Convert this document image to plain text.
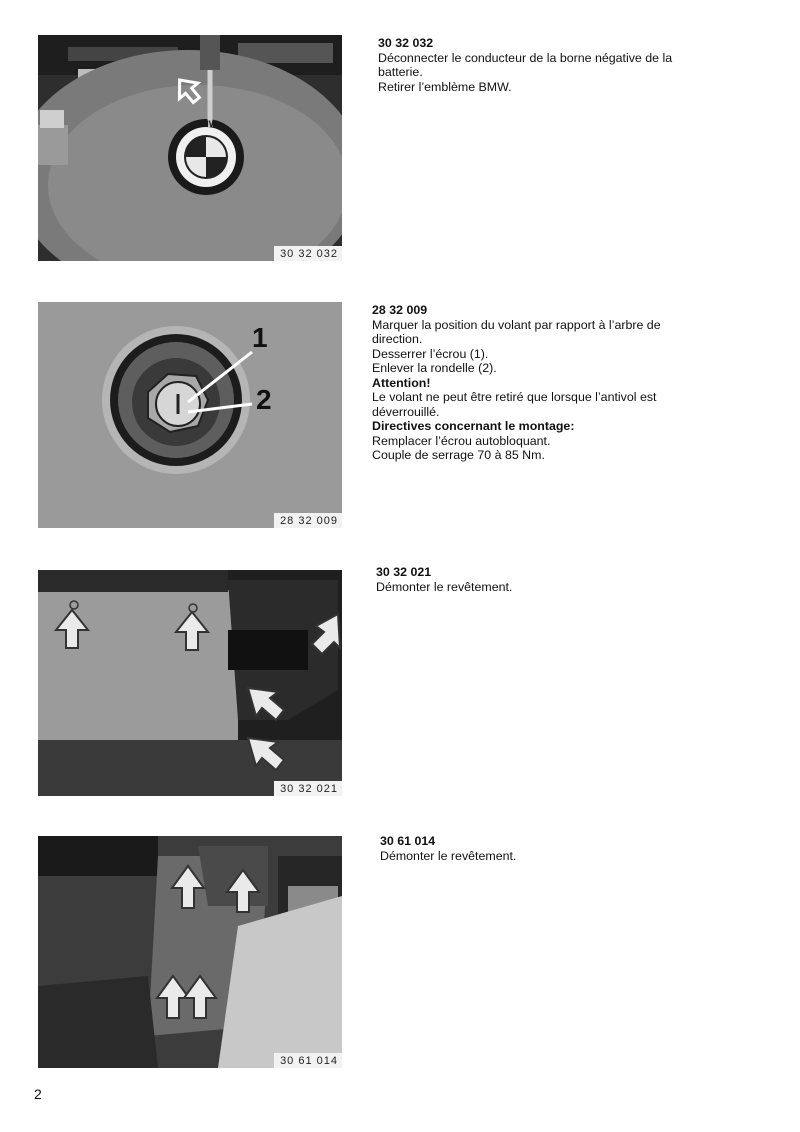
BMW
30 32 032
1
2
28 32 009
30 32 021
30 61 014
30 32 032

Déconnecter le conducteur de la borne négative de la batterie.

Retirer l’emblème BMW.

28 32 009

Marquer la position du volant par rapport à l’arbre de direction.

Desserrer l’écrou (1).

Enlever la rondelle (2).

Attention!

Le volant ne peut être retiré que lorsque l’antivol est déverrouillé.

Directives concernant le montage:

Remplacer l’écrou autobloquant.

Couple de serrage 70 à 85 Nm.

30 32 021

Démonter le revêtement.

30 61 014

Démonter le revêtement.

2
